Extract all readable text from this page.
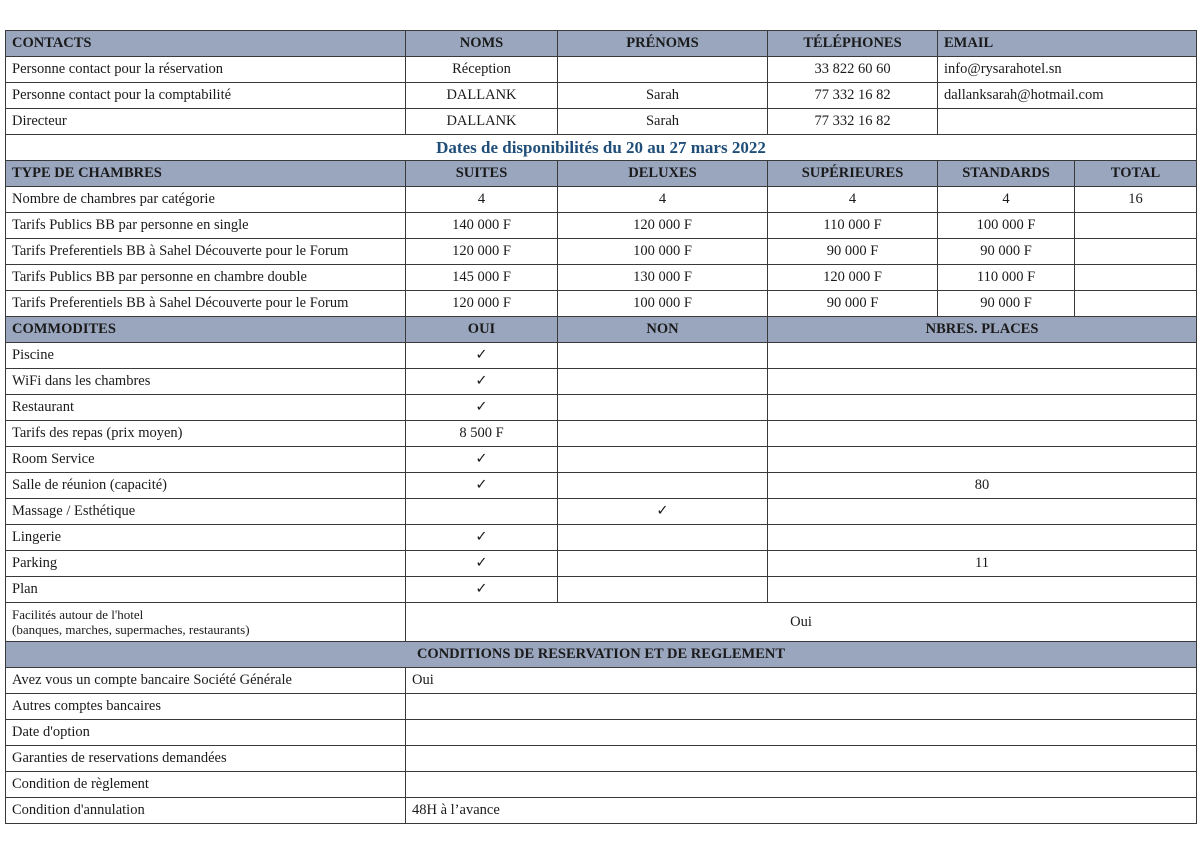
CONTACTS	NOMS	PRÉNOMS	TÉLÉPHONES	EMAIL	
Personne contact pour la réservation	Réception		33 822 60 60	info@rysarahotel.sn	
Personne contact pour la comptabilité	DALLANK	Sarah	77 332 16 82	dallanksarah@hotmail.com	
Directeur	DALLANK	Sarah	77 332 16 82		
Dates de disponibilités du 20 au 27 mars 2022					
TYPE DE CHAMBRES	SUITES	DELUXES	SUPÉRIEURES	STANDARDS	TOTAL
Nombre de chambres par catégorie	4	4	4	4	16
Tarifs Publics BB par personne en single	140 000 F	120 000 F	110 000 F	100 000 F	
Tarifs Preferentiels BB à Sahel Découverte pour le Forum	120 000 F	100 000 F	90 000 F	90 000 F	
Tarifs Publics BB par personne en chambre double	145 000 F	130 000 F	120 000 F	110 000 F	
Tarifs Preferentiels BB à Sahel Découverte pour le Forum	120 000 F	100 000 F	90 000 F	90 000 F	
COMMODITES	OUI	NON	NBRES. PLACES		
Piscine	✓				
WiFi dans les chambres	✓				
Restaurant	✓				
Tarifs des repas (prix moyen)	8 500 F				
Room Service	✓				
Salle de réunion (capacité)	✓		80		
Massage / Esthétique		✓			
Lingerie	✓				
Parking	✓		11		
Plan	✓				

Facilités autour de l'hotel
(banques, marches, supermaches, restaurants)	Oui				
CONDITIONS DE RESERVATION ET DE REGLEMENT					
Avez vous un compte bancaire Société Générale	Oui				
Autres comptes bancaires					
Date d'option					
Garanties de reservations demandées					
Condition de règlement					
Condition d'annulation	48H à l’avance				
